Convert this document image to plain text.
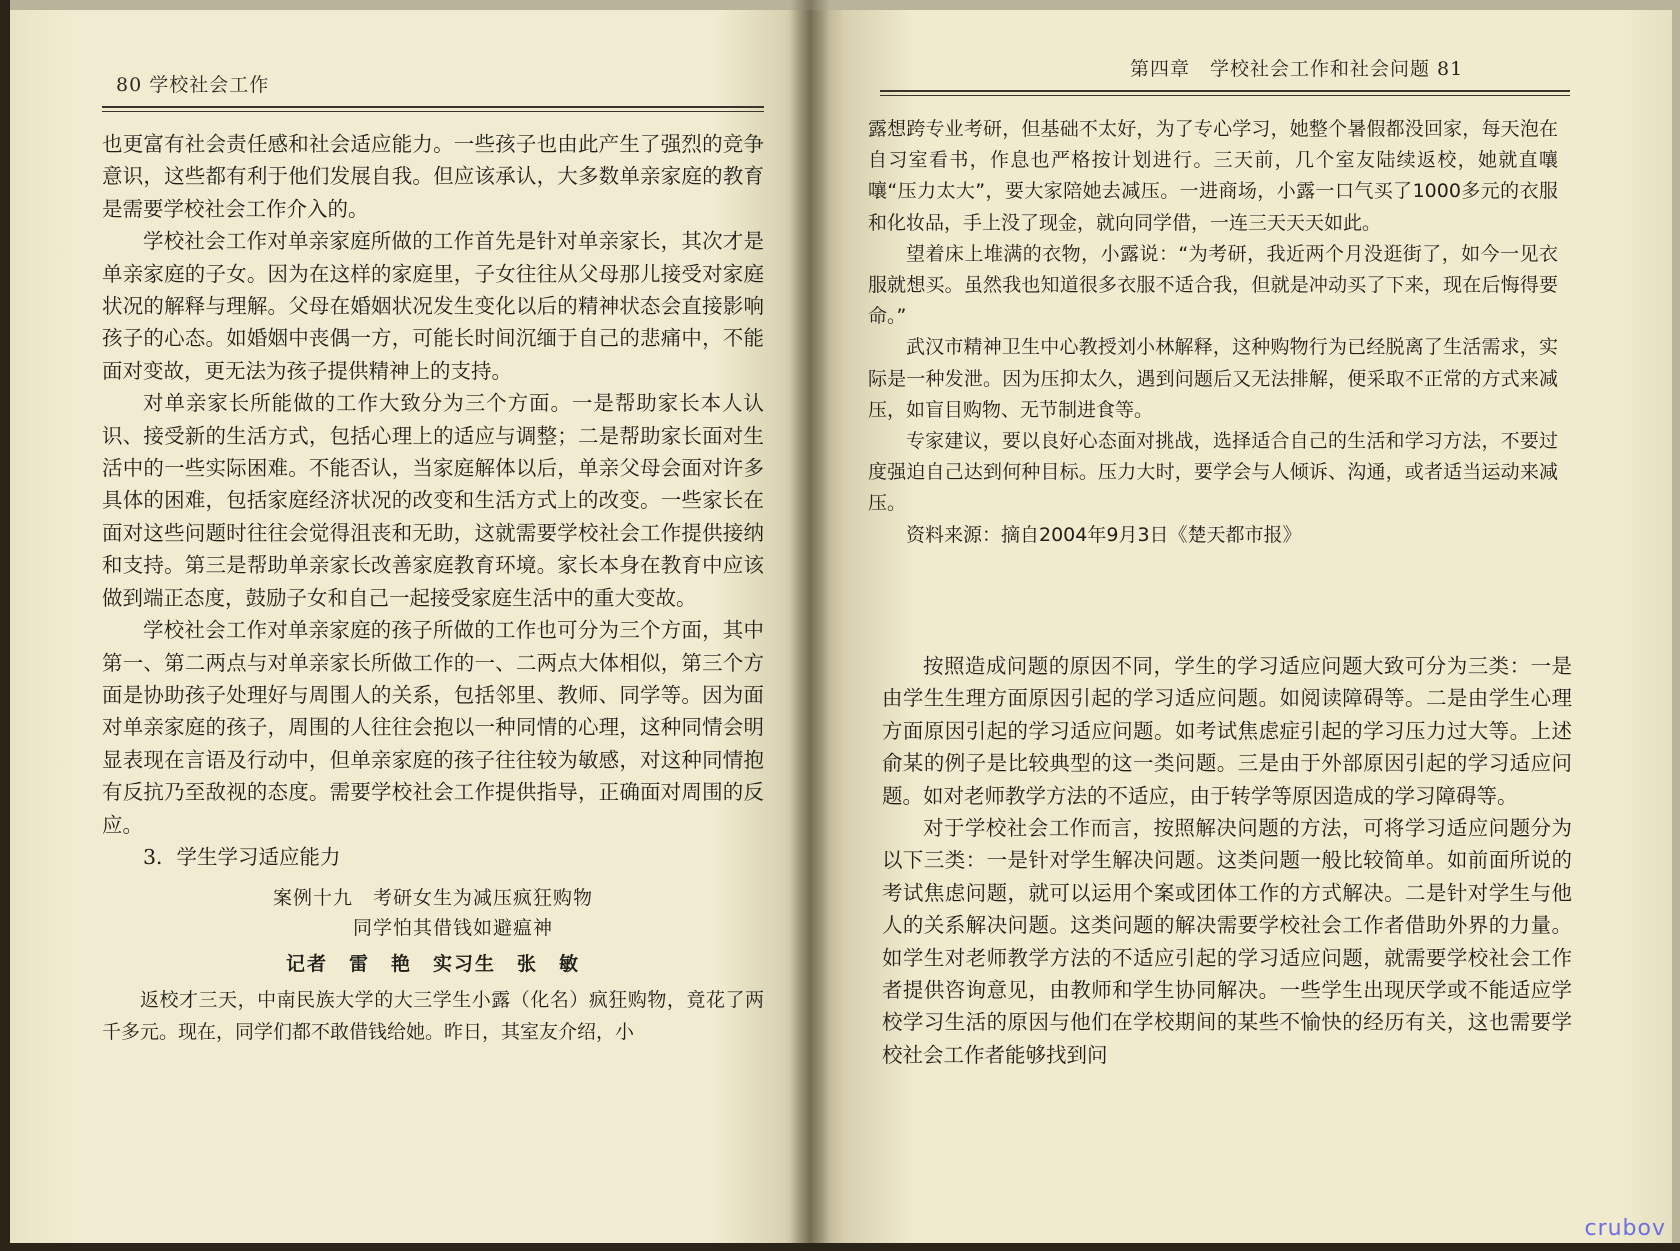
80 学校社会工作

也更富有社会责任感和社会适应能力。一些孩子也由此产生了强烈的竞争意识，这些都有利于他们发展自我。但应该承认，大多数单亲家庭的教育是需要学校社会工作介入的。

学校社会工作对单亲家庭所做的工作首先是针对单亲家长，其次才是单亲家庭的子女。因为在这样的家庭里，子女往往从父母那儿接受对家庭状况的解释与理解。父母在婚姻状况发生变化以后的精神状态会直接影响孩子的心态。如婚姻中丧偶一方，可能长时间沉缅于自己的悲痛中，不能面对变故，更无法为孩子提供精神上的支持。

对单亲家长所能做的工作大致分为三个方面。一是帮助家长本人认识、接受新的生活方式，包括心理上的适应与调整；二是帮助家长面对生活中的一些实际困难。不能否认，当家庭解体以后，单亲父母会面对许多具体的困难，包括家庭经济状况的改变和生活方式上的改变。一些家长在面对这些问题时往往会觉得沮丧和无助，这就需要学校社会工作提供接纳和支持。第三是帮助单亲家长改善家庭教育环境。家长本身在教育中应该做到端正态度，鼓励子女和自己一起接受家庭生活中的重大变故。

学校社会工作对单亲家庭的孩子所做的工作也可分为三个方面，其中第一、第二两点与对单亲家长所做工作的一、二两点大体相似，第三个方面是协助孩子处理好与周围人的关系，包括邻里、教师、同学等。因为面对单亲家庭的孩子，周围的人往往会抱以一种同情的心理，这种同情会明显表现在言语及行动中，但单亲家庭的孩子往往较为敏感，对这种同情抱有反抗乃至敌视的态度。需要学校社会工作提供指导，正确面对周围的反应。

3．学生学习适应能力

案例十九　考研女生为减压疯狂购物

同学怕其借钱如避瘟神

记者　雷　艳　实习生　张　敏

返校才三天，中南民族大学的大三学生小露（化名）疯狂购物，竟花了两千多元。现在，同学们都不敢借钱给她。昨日，其室友介绍，小

第四章　学校社会工作和社会问题 81

露想跨专业考研，但基础不太好，为了专心学习，她整个暑假都没回家，每天泡在自习室看书，作息也严格按计划进行。三天前，几个室友陆续返校，她就直嚷嚷“压力太大”，要大家陪她去减压。一进商场，小露一口气买了1000多元的衣服和化妆品，手上没了现金，就向同学借，一连三天天天如此。

望着床上堆满的衣物，小露说：“为考研，我近两个月没逛街了，如今一见衣服就想买。虽然我也知道很多衣服不适合我，但就是冲动买了下来，现在后悔得要命。”

武汉市精神卫生中心教授刘小林解释，这种购物行为已经脱离了生活需求，实际是一种发泄。因为压抑太久，遇到问题后又无法排解，便采取不正常的方式来减压，如盲目购物、无节制进食等。

专家建议，要以良好心态面对挑战，选择适合自己的生活和学习方法，不要过度强迫自己达到何种目标。压力大时，要学会与人倾诉、沟通，或者适当运动来减压。

资料来源：摘自2004年9月3日《楚天都市报》

按照造成问题的原因不同，学生的学习适应问题大致可分为三类：一是由学生生理方面原因引起的学习适应问题。如阅读障碍等。二是由学生心理方面原因引起的学习适应问题。如考试焦虑症引起的学习压力过大等。上述俞某的例子是比较典型的这一类问题。三是由于外部原因引起的学习适应问题。如对老师教学方法的不适应，由于转学等原因造成的学习障碍等。

对于学校社会工作而言，按照解决问题的方法，可将学习适应问题分为以下三类：一是针对学生解决问题。这类问题一般比较简单。如前面所说的考试焦虑问题，就可以运用个案或团体工作的方式解决。二是针对学生与他人的关系解决问题。这类问题的解决需要学校社会工作者借助外界的力量。如学生对老师教学方法的不适应引起的学习适应问题，就需要学校社会工作者提供咨询意见，由教师和学生协同解决。一些学生出现厌学或不能适应学校学习生活的原因与他们在学校期间的某些不愉快的经历有关，这也需要学校社会工作者能够找到问

crubov
